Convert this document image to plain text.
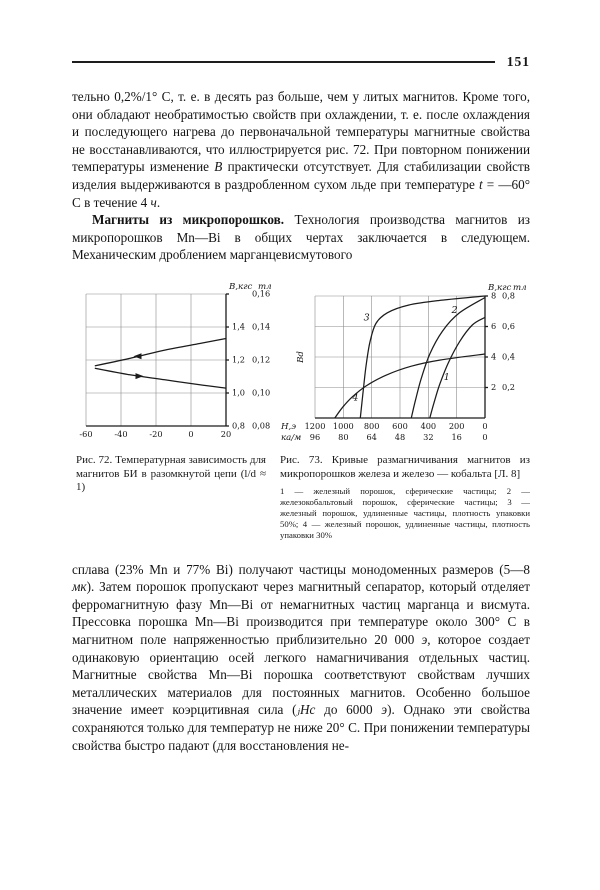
151

тельно 0,2%/1° С, т. е. в десять раз больше, чем у литых магнитов. Кроме того, они обладают необратимостью свойств при охлаждении, т. е. после охлаждения и последующего нагрева до первоначальной температуры магнитные свойства не восстанавливаются, что иллюстрируется рис. 72. При повторном понижении температуры изменение В практически отсутствует. Для стабилизации свойств изделия выдерживаются в раздробленном сухом льде при температуре t = —60° С в течение 4 ч.

Магниты из микропорошков. Технология производства магнитов из микропорошков Mn—Bi в общих чертах заключается в следующем. Механическим дроблением марганцевисмутового

0,8
1,0
1,2
1,4
0,08
0,10
0,12
0,14
0,16
-60	-40	-20	0	20
В,кгс тл
2
4
6
8
0,2
0,4
0,6
0,8
В,кгс тл
Вd
Н,э
ка/м
1200
96
1000
80
800
64
600
48
400
32
200
16
0
0
1
2
3
4
Рис. 72. Температурная зависимость для магнитов БИ в разомкнутой цепи (l/d ≈ 1)
Рис. 73. Кривые размагничивания магнитов из микропорошков железа и железо — кобальта [Л. 8]
1 — железный порошок, сферические частицы; 2 — железокобальтовый порошок, сферические частицы; 3 — железный порошок, удлиненные частицы, плотность упаковки 50%; 4 — железный порошок, удлиненные частицы, плотность упаковки 30%

сплава (23% Mn и 77% Bi) получают частицы монодоменных размеров (5—8 мк). Затем порошок пропускают через магнитный сепаратор, который отделяет ферромагнитную фазу Mn—Bi от немагнитных частиц марганца и висмута. Прессовка порошка Mn—Bi производится при температуре около 300° С в магнитном поле напряженностью приблизительно 20 000 э, которое создает одинаковую ориентацию осей легкого намагничивания отдельных частиц. Магнитные свойства Mn—Bi порошка соответствуют свойствам лучших металлических материалов для постоянных магнитов. Особенно большое значение имеет коэрцитивная сила (ⱼHc до 6000 э). Однако эти свойства сохраняются только для температур не ниже 20° С. При понижении температуры свойства быстро падают (для восстановления не-
